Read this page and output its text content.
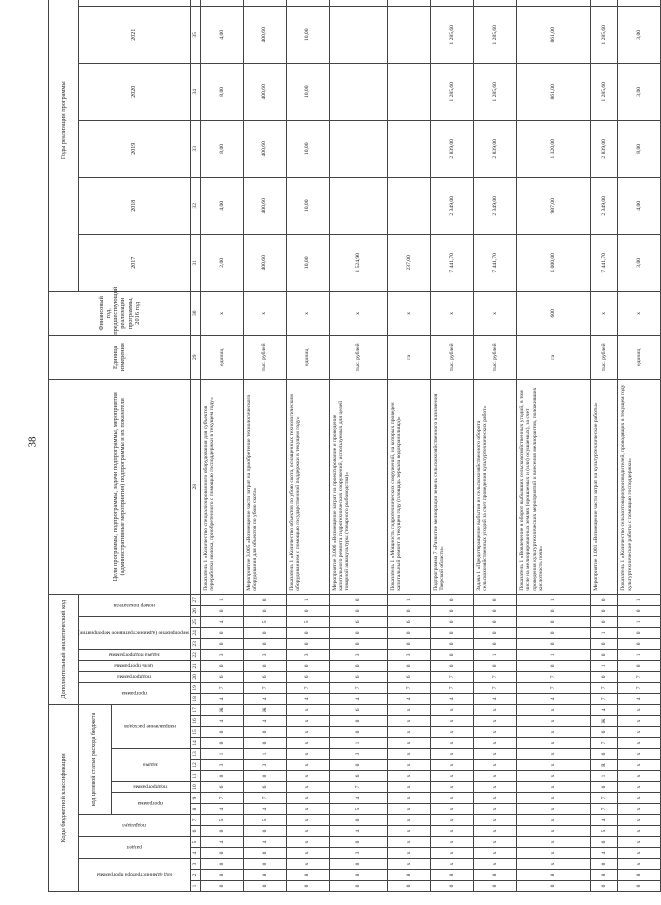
38
Коды бюджетной классификации																	Дополнительный аналитический код										Цели программы, подпрограммы, задачи подпрограммы, мероприятия (административные мероприятия) подпрограммы и их показатели	Единица измерения	Финансовый год, предшествующий реализации программы, 2016 год	Годы реализации программы	
код администратора программы			раздел		подраздел		код целевой статьи расхода бюджета										программа		подпрограмма	цель программы	задача подпрограммы	мероприятие (административное мероприятие)			номер показателя					2017	2018	2019	2020	2021		
							программа		подпрограмма	задача			направление расходов																							
1	2	3	4	5	6	7	8	9	10	11	12	13	14	15	16	17	18	19	20	21	22	23	24	25	26	27	28	29	30	31	32	33	34	35		
0	8	0	0	4	0	5	4	7	6	0	3	1	0	0	4	Ж	4	7	6	0	3	0	0	4	0	1	Показатель 1 «Количество специализированного оборудования для субъектов переработки молока, приобретенного с помощью господдержки в текущем году»	единиц	x	2,00	4,00	8,00	8,00	4,00		
0	8	0	0	4	0	5	4	7	6	0	3	1	0	0	4	Ж	4	7	6	0	3	0	0	5	0	0	Мероприятие 3.005 «Возмещение части затрат на приобретение технологического оборудования для объектов по убою скота»	тыс. рублей	x	400,60	400,60	400,60	400,60	400,60		
0	8	x	x	x	x	x	x	x	x	x	x	x	x	x	x	x	4	7	6	0	3	0	0	5	0	1	Показатель 1 «Количество объектов по убою скота, оснащенных технологическим оборудованием с помощью государственной поддержки в текущем году»	единиц	x	10,00	10,00	10,00	10,00	10,00		
0	8	0	3	0	4	0	5	4	7	6	0	3	1	0	0	6	4	7	6	0	3	0	0	6	0	0	Мероприятие 3.006 «Возмещение затрат на проектирование и проведение капитального ремонта гидротехнических сооружений, используемых для целей товарной аквакультуры (товарного рыбоводства)»	тыс. рублей	x	1 524,90						
0	8	x	x	x	x	x	x	x	x	x	x	x	x	x	x	x	4	7	6	0	3	0	0	6	0	1	Показатель 1 «Мощность гидротехнических сооружений, на которых проведен капитальный ремонт в текущем году (площадь зеркала водохранилища)»	га	x	237,00						
0	8	x	x	x	x	x	x	x	x	x	x	x	x	x	x	x	4	7	7	0	0	0	0	0	0	0	Подпрограмма 7 «Развитие мелиорации земель сельскохозяйственного назначения Тверской области»	тыс. рублей	x	7 441,70	2 349,00	2 839,00	1 285,60	1 285,60		
0	8	x	x	x	x	x	x	x	x	x	x	x	x	x	x	x	4	7	7	0	1	0	0	0	0	0	Задача 1 «Предотвращение выбытия из сельскохозяйственного оборота сельскохозяйственных угодий за счет проведения культуртехнических работ»	тыс. рублей	x	7 441,70	2 349,00	2 839,00	1 285,60	1 285,60		
0	8	x	x	x	x	x	x	x	x	x	x	x	x	x	x	x	4	7	7	0	1	0	0	0	0	1	Показатель 1 «Вовлечение в оборот выбывших сельскохозяйственных угодий, в том числе на мелиорированных землях (орошаемых и (или) осушаемых), за счет проведения культуртехнических мероприятий и внесения мелиорантов, положивших кислотность почв»	га	600	1 000,00	987,00	1 320,00	861,00	861,00		
0	8	0	4	0	5	4	7	7	0	1	R	0	7	6	Ж	4	7	7	0	1	0	0	1	0	0	0	Мероприятие 1.001 «Возмещение части затрат на культуртехнические работы»	тыс. рублей	x	7 441,70	2 349,00	2 839,00	1 285,60	1 285,60		
0	8	x	x	x	x	x	x	x	x	x	x	x	x	x	x	x	4	7	7	0	1	0	0	1	0	1	Показатель 1 «Количество сельхозтоваропроизводителей, проводящих в текущем году культуртехнические работы с помощью господдержки»	единиц	x	3,00	4,00	8,00	3,00	3,00		
